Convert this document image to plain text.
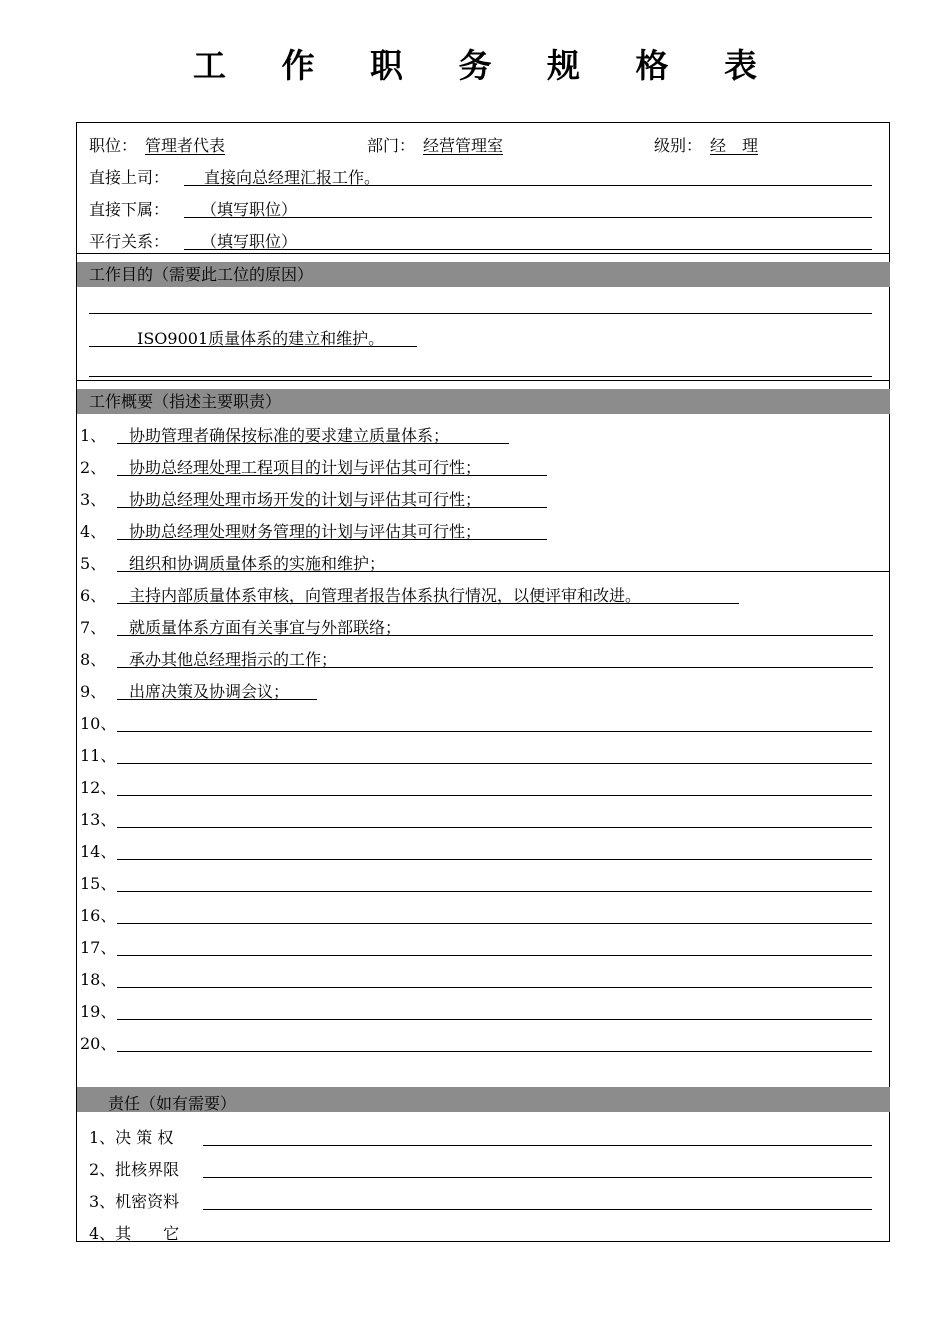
工 作 职 务 规 格 表
职位： 管理者代表	部门： 经营管理室	级别： 经　理
直接上司： 直接向总经理汇报工作。
直接下属： （填写职位）
平行关系： （填写职位）
工作目的（需要此工位的原因）
ISO9001质量体系的建立和维护。
工作概要（指述主要职责）
1、 协助管理者确保按标准的要求建立质量体系；
2、 协助总经理处理工程项目的计划与评估其可行性；
3、 协助总经理处理市场开发的计划与评估其可行性；
4、 协助总经理处理财务管理的计划与评估其可行性；
5、 组织和协调质量体系的实施和维护；
6、 主持内部质量体系审核，向管理者报告体系执行情况，以便评审和改进。
7、 就质量体系方面有关事宜与外部联络；
8、 承办其他总经理指示的工作；
9、 出席决策及协调会议；
10、
11、
12、
13、
14、
15、
16、
17、
18、
19、
20、
责任（如有需要）
1、决 策 权
2、批核界限
3、机密资料
4、其　　它
